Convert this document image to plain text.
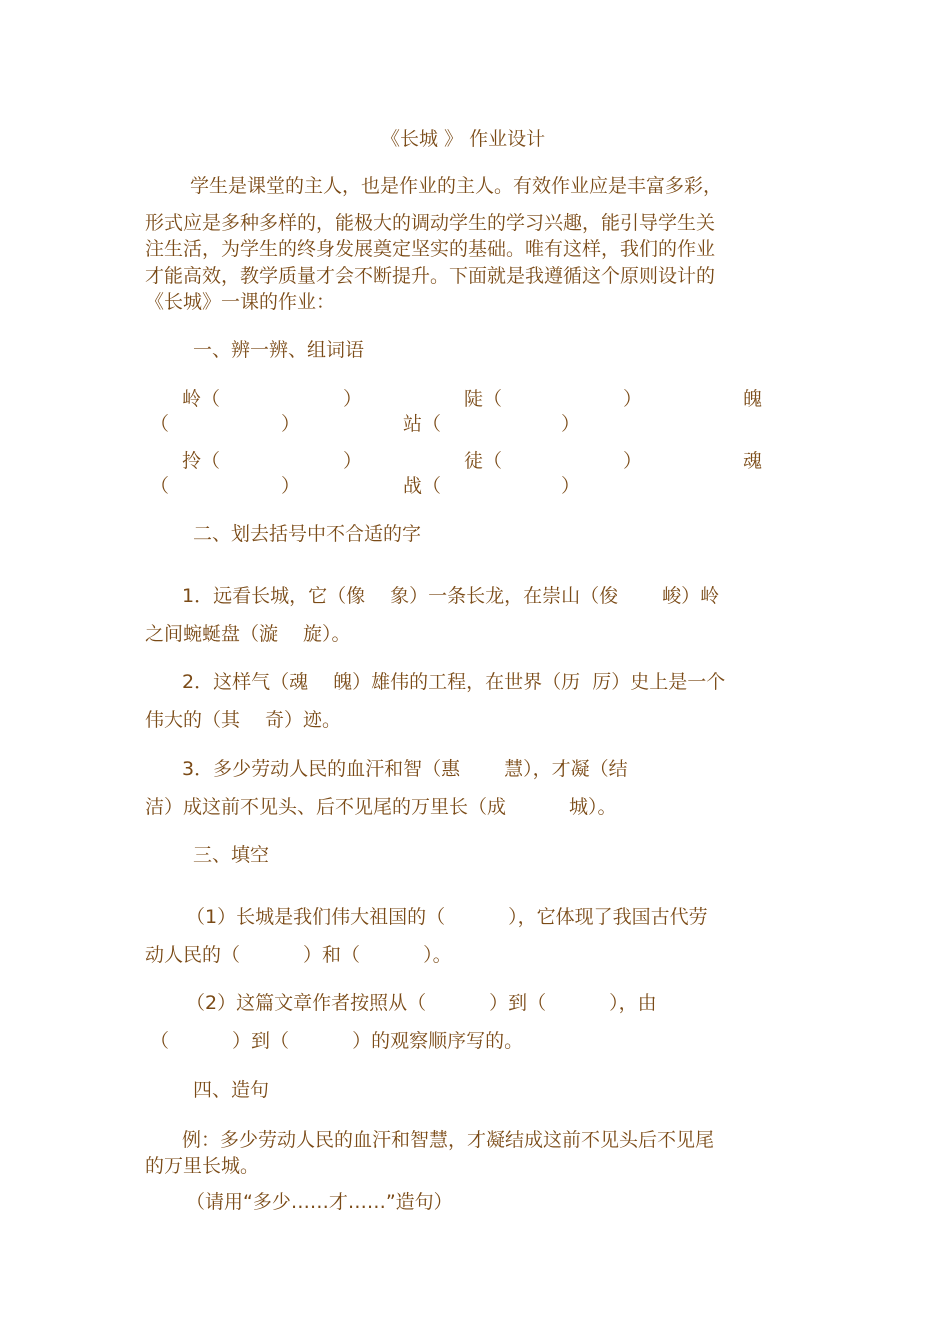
《长城 》 作业设计
学生是课堂的主人，也是作业的主人。有效作业应是丰富多彩，
形式应是多种多样的，能极大的调动学生的学习兴趣，能引导学生关
注生活，为学生的终身发展奠定坚实的基础。唯有这样，我们的作业
才能高效，教学质量才会不断提升。下面就是我遵循这个原则设计的
《长城》一课的作业：
一、辨一辨、组词语
岭（	）	陡（	）	魄
（	）	站（	）
拎（	）	徒（	）	魂
（	）	战（	）
二、划去括号中不合适的字
1．远看长城，它（像　 象）一条长龙，在崇山（俊　　 峻）岭
之间蜿蜒盘（漩　 旋）。
2．这样气（魂　 魄）雄伟的工程，在世界（历  厉）史上是一个
伟大的（其　 奇）迹。
3．多少劳动人民的血汗和智（惠　　 慧），才凝（结
洁）成这前不见头、后不见尾的万里长（成　　　 城）。
三、填空
（1）长城是我们伟大祖国的（　　　 ），它体现了我国古代劳
动人民的（　　　 ）和（　　　 ）。
（2）这篇文章作者按照从（　　　 ）到（　　　 ），由
（　　　 ）到（　　　 ）的观察顺序写的。
四、造句
例：多少劳动人民的血汗和智慧，才凝结成这前不见头后不见尾
的万里长城。
（请用“多少……才……”造句）
